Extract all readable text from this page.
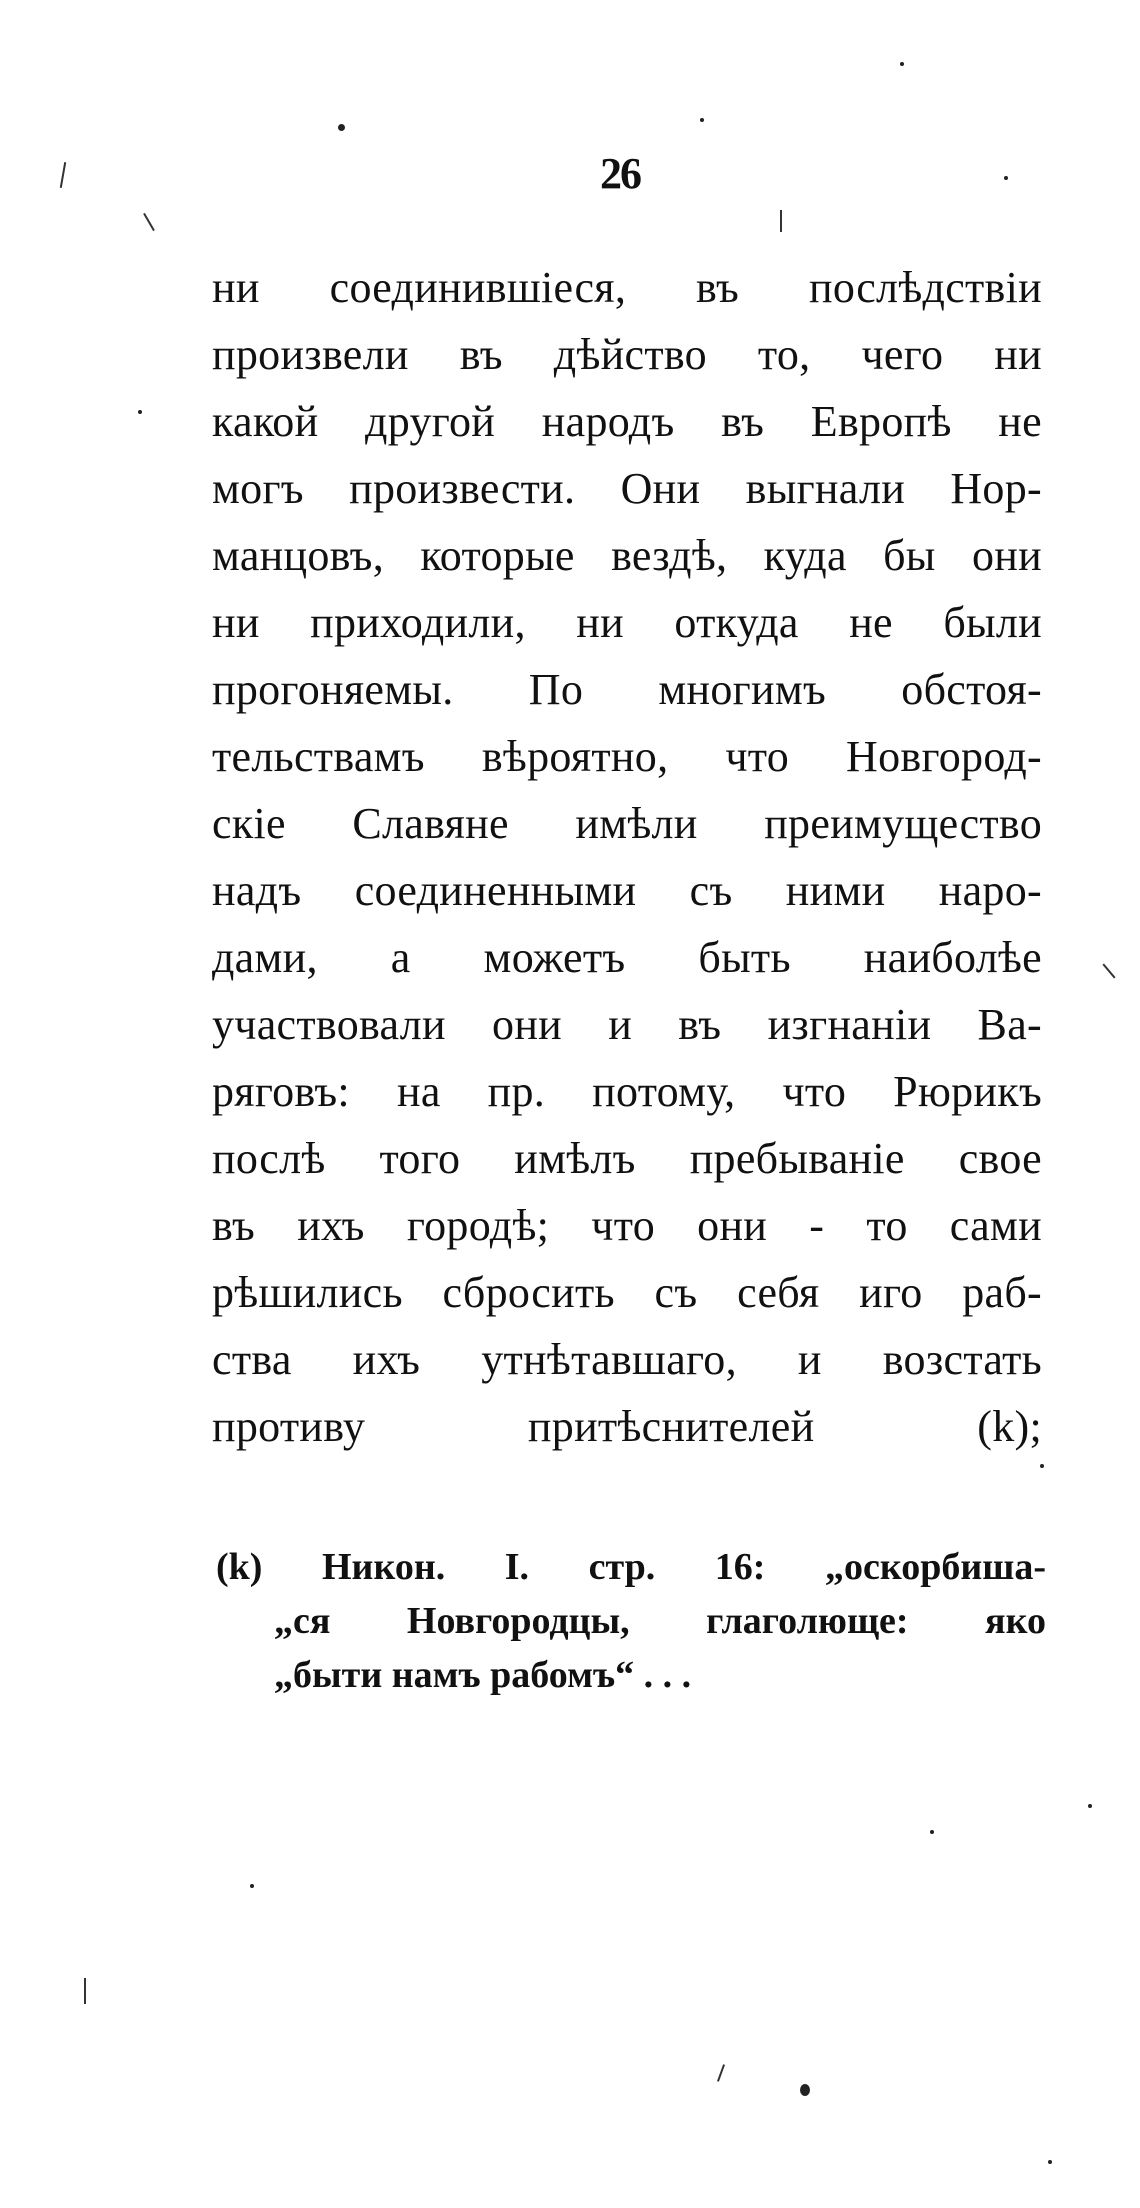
26
ни соединившіеся, въ послѣдствіи
произвели въ дѣйство то, чего ни
какой другой народъ въ Европѣ не
могъ произвести. Они выгнали Нор-
манцовъ, которые вездѣ, куда бы они
ни приходили, ни откуда не были
прогоняемы. По многимъ обстоя-
тельствамъ вѣроятно, что Новгород-
скіе Славяне имѣли преимущество
надъ соединенными съ ними наро-
дами, а можетъ быть наиболѣе
участвовали они и въ изгнаніи Ва-
ряговъ: на пр. потому, что Рюрикъ
послѣ того имѣлъ пребываніе свое
въ ихъ городѣ; что они - то сами
рѣшились сбросить съ себя иго раб-
ства ихъ утнѣтавшаго, и возстать
противу притѣснителей (k);
(k) Никон. I. стр. 16: „оскорбиша-
„ся Новгородцы, глаголюще: яко
„быти намъ рабомъ“ . . .
